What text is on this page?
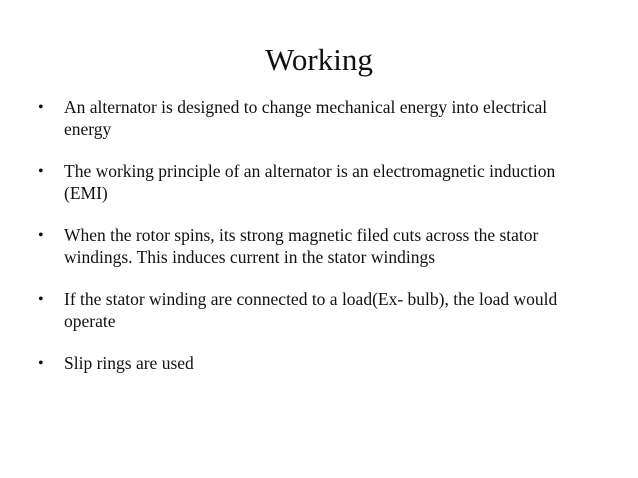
Working
•	An alternator is designed to change mechanical energy into electrical energy
•	The working principle of an alternator is an electromagnetic induction (EMI)
•	When the rotor spins, its strong magnetic filed cuts across the stator windings. This induces current in the stator windings
•	If the stator winding are connected to a load(Ex- bulb), the load would operate
•	Slip rings are used
